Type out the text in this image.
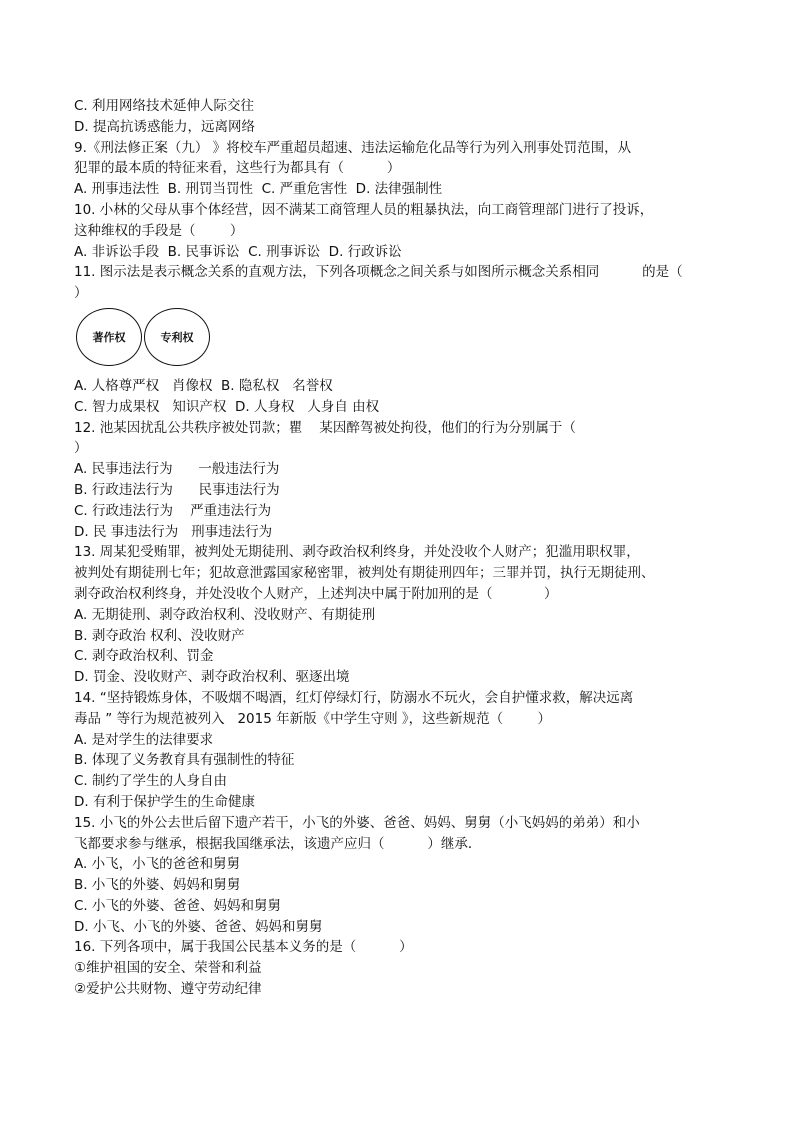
C. 利用网络技术延伸人际交往
D. 提高抗诱惑能力，远离网络
9.《刑法修正案（九） 》将校车严重超员超速、违法运输危化品等行为列入刑事处罚范围，从
犯罪的最本质的特征来看，这些行为都具有（          ）
A. 刑事违法性  B. 刑罚当罚性  C. 严重危害性  D. 法律强制性
10. 小林的父母从事个体经营，因不满某工商管理人员的粗暴执法，向工商管理部门进行了投诉，
这种维权的手段是（        ）
A. 非诉讼手段  B. 民事诉讼  C. 刑事诉讼  D. 行政诉讼
11. 图示法是表示概念关系的直观方法，下列各项概念之间关系与如图所示概念关系相同          的是（
）
著作权	专利权
A. 人格尊严权   肖像权  B. 隐私权   名誉权
C. 智力成果权   知识产权  D. 人身权   人身自 由权
12. 池某因扰乱公共秩序被处罚款；瞿    某因醉驾被处拘役，他们的行为分别属于（
）
A. 民事违法行为      一般违法行为
B. 行政违法行为      民事违法行为
C. 行政违法行为    严重违法行为
D. 民 事违法行为   刑事违法行为
13. 周某犯受贿罪，被判处无期徒刑、剥夺政治权利终身，并处没收个人财产；犯滥用职权罪，
被判处有期徒刑七年；犯故意泄露国家秘密罪，被判处有期徒刑四年；三罪并罚，执行无期徒刑、
剥夺政治权利终身，并处没收个人财产，上述判决中属于附加刑的是（            ）
A. 无期徒刑、剥夺政治权利、没收财产、有期徒刑
B. 剥夺政治 权利、没收财产
C. 剥夺政治权利、罚金
D. 罚金、没收财产、剥夺政治权利、驱逐出境
14. “坚持锻炼身体，不吸烟不喝酒，红灯停绿灯行，防溺水不玩火，会自护懂求救，解决远离
毒品 ” 等行为规范被列入   2015 年新版《中学生守则 》，这些新规范（        ）
A. 是对学生的法律要求
B. 体现了义务教育具有强制性的特征
C. 制约了学生的人身自由
D. 有利于保护学生的生命健康
15. 小飞的外公去世后留下遗产若干，小飞的外婆、爸爸、妈妈、舅舅（小飞妈妈的弟弟）和小
飞都要求参与继承，根据我国继承法，该遗产应归（          ）继承．
A. 小飞，小飞的爸爸和舅舅
B. 小飞的外婆、妈妈和舅舅
C. 小飞的外婆、爸爸、妈妈和舅舅
D. 小飞、小飞的外婆、爸爸、妈妈和舅舅
16. 下列各项中，属于我国公民基本义务的是（          ）
①维护祖国的安全、荣誉和利益
②爱护公共财物、遵守劳动纪律
